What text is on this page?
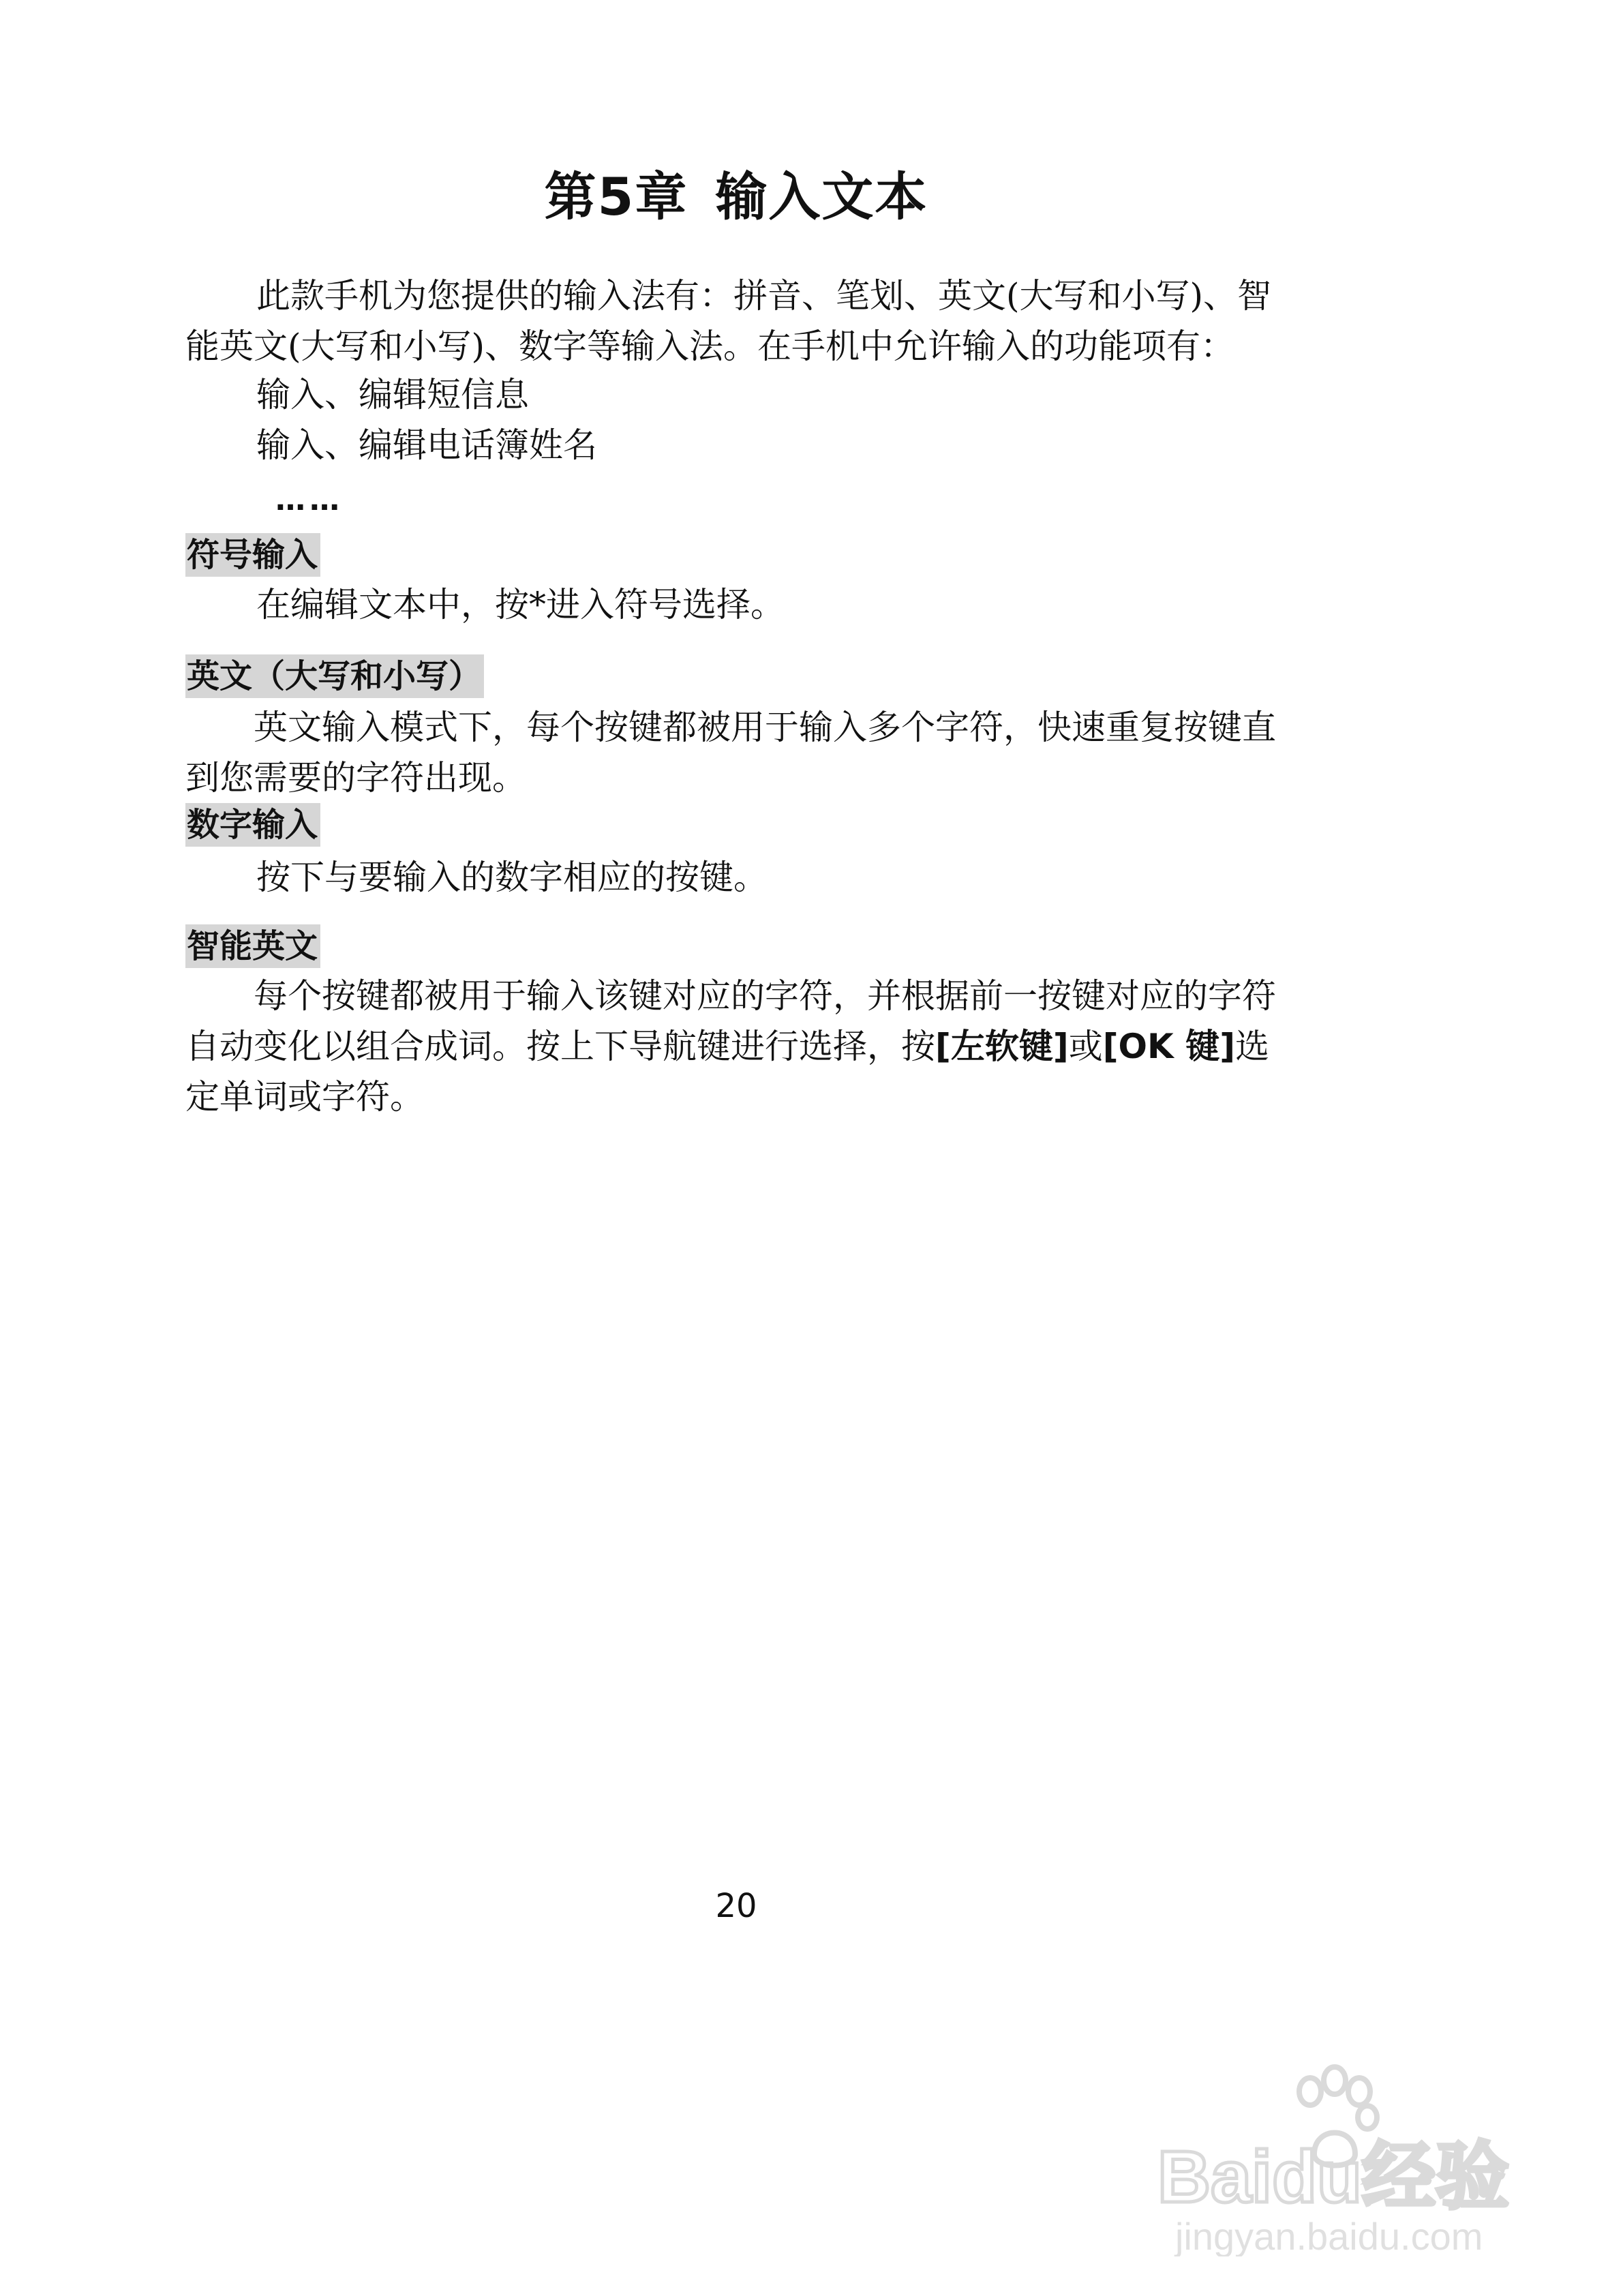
第5章 输入文本

此款手机为您提供的输入法有：拼音、笔划、英文(大写和小写)、智能英文(大写和小写)、数字等输入法。在手机中允许输入的功能项有：

输入、编辑短信息

输入、编辑电话簿姓名

……

符号输入

在编辑文本中，按*进入符号选择。

英文（大写和小写）

英文输入模式下，每个按键都被用于输入多个字符，快速重复按键直到您需要的字符出现。

数字输入

按下与要输入的数字相应的按键。

智能英文

每个按键都被用于输入该键对应的字符，并根据前一按键对应的字符自动变化以组合成词。按上下导航键进行选择，按[左软键]或[OK 键]选定单词或字符。

20

Baidu经验
jingyan.baidu.com
